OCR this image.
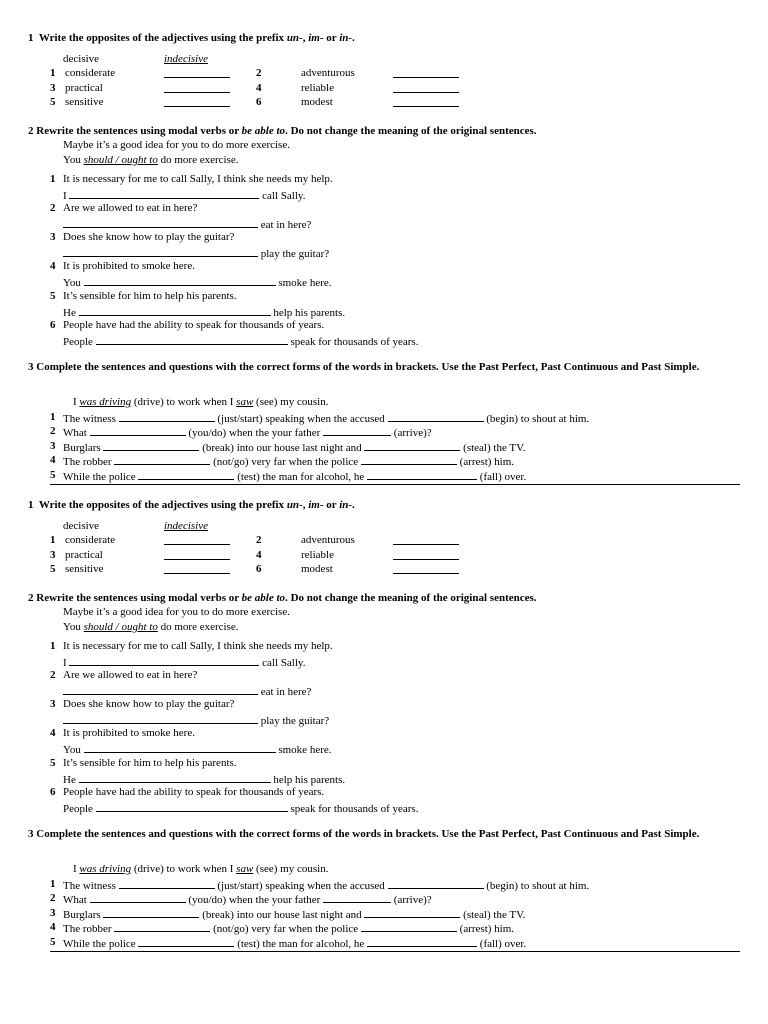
1 Write the opposites of the adjectives using the prefix un-, im- or in-.
decisive	indecisive
2 Rewrite the sentences using modal verbs or be able to. Do not change the meaning of the original sentences.
Maybe it’s a good idea for you to do more exercise.
You should / ought to do more exercise.
3 Complete the sentences and questions with the correct forms of the words in brackets. Use the Past Perfect, Past Continuous and Past Simple.
I was driving (drive) to work when I saw (see) my cousin.
1 considerate	2	adventurous
3 practical	4	reliable
5 sensitive	6	modest
1 It is necessary for me to call Sally, I think she needs my help.
I	call Sally.
2 Are we allowed to eat in here?
eat in here?
3 Does she know how to play the guitar?
play the guitar?
4 It is prohibited to smoke here.
You	smoke here.
5 It’s sensible for him to help his parents.
He	help his parents.
6 People have had the ability to speak for thousands of years.
People	speak for thousands of years.
1 The witness	(just/start) speaking when the accused	(begin) to shout at him.
2 What	(you/do) when the your father	(arrive)?
3 Burglars	(break) into our house last night and	(steal) the TV.
4 The robber	(not/go) very far when the police	(arrest) him.
5 While the police	(test) the man for alcohol, he	(fall) over.
1 Write the opposites of the adjectives using the prefix un-, im- or in-.
decisive	indecisive
2 Rewrite the sentences using modal verbs or be able to. Do not change the meaning of the original sentences.
Maybe it’s a good idea for you to do more exercise.
You should / ought to do more exercise.
3 Complete the sentences and questions with the correct forms of the words in brackets. Use the Past Perfect, Past Continuous and Past Simple.
I was driving (drive) to work when I saw (see) my cousin.
1 considerate	2	adventurous
3 practical	4	reliable
5 sensitive	6	modest
1 It is necessary for me to call Sally, I think she needs my help.
I	call Sally.
2 Are we allowed to eat in here?
eat in here?
3 Does she know how to play the guitar?
play the guitar?
4 It is prohibited to smoke here.
You	smoke here.
5 It’s sensible for him to help his parents.
He	help his parents.
6 People have had the ability to speak for thousands of years.
People	speak for thousands of years.
1 The witness	(just/start) speaking when the accused	(begin) to shout at him.
2 What	(you/do) when the your father	(arrive)?
3 Burglars	(break) into our house last night and	(steal) the TV.
4 The robber	(not/go) very far when the police	(arrest) him.
5 While the police	(test) the man for alcohol, he	(fall) over.
